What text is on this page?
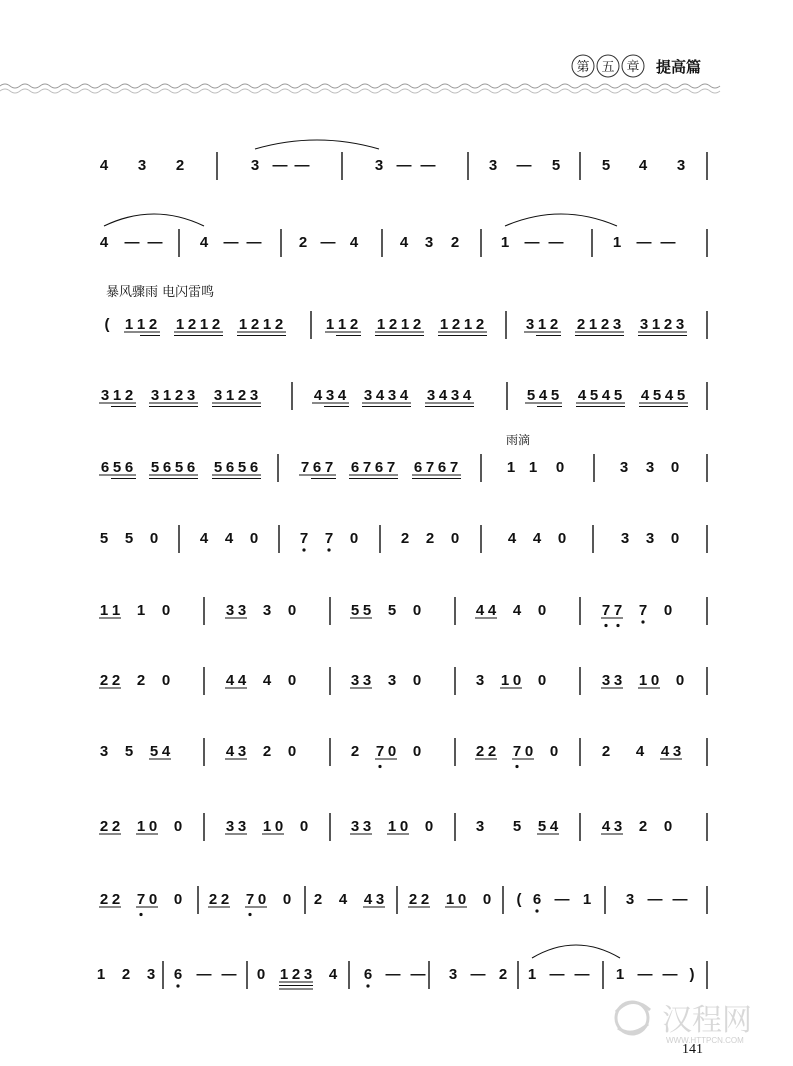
第 五 章 提高篇
4 3 2	3 — —	3 — —	3 — 5	5 4 3
4 — — 4 — — 2 — 4	4 3 2	1 — —	1 — —
( 1 1 2 1 2 1 2 1 2 1 2	1 1 2 1 2 1 2 1 2 1 2	3 1 2 2 1 2 3 3 1 2 3
3 1 2 3 1 2 3 3 1 2 3	4 3 4 3 4 3 4 3 4 3 4	5 4 5 4 5 4 5 4 5 4 5
6 5 6 5 6 5 6 5 6 5 6	7 6 7 6 7 6 7 6 7 6 7	1 1 0	3 3 0
5 5 0	4 4 0	7 7 0	2 2 0	4 4 0	3 3 0
1 1 1 0	3 3 3 0	5 5 5 0	4 4 4 0	7 7 7 0
2 2 2 0	4 4 4 0	3 3 3 0	3 1 0 0	3 3 1 0 0
3 5 5 4	4 3 2 0	2 7 0 0	2 2 7 0 0	2 4 4 3
2 2 1 0 0	3 3 1 0 0	3 3 1 0 0	3 5 5 4	4 3 2 0
2 2 7 0 0 2 2 7 0 0 2 4 4 3 2 2 1 0 0 ( 6 — 1 3 — —
1 2 3 6 — — 0 1 2 3 4 6 — — 3 — 2 1 — — 1 — — )
暴风骤雨 电闪雷鸣
雨滴
汉程网
WWW.HTTPCN.COM
141
